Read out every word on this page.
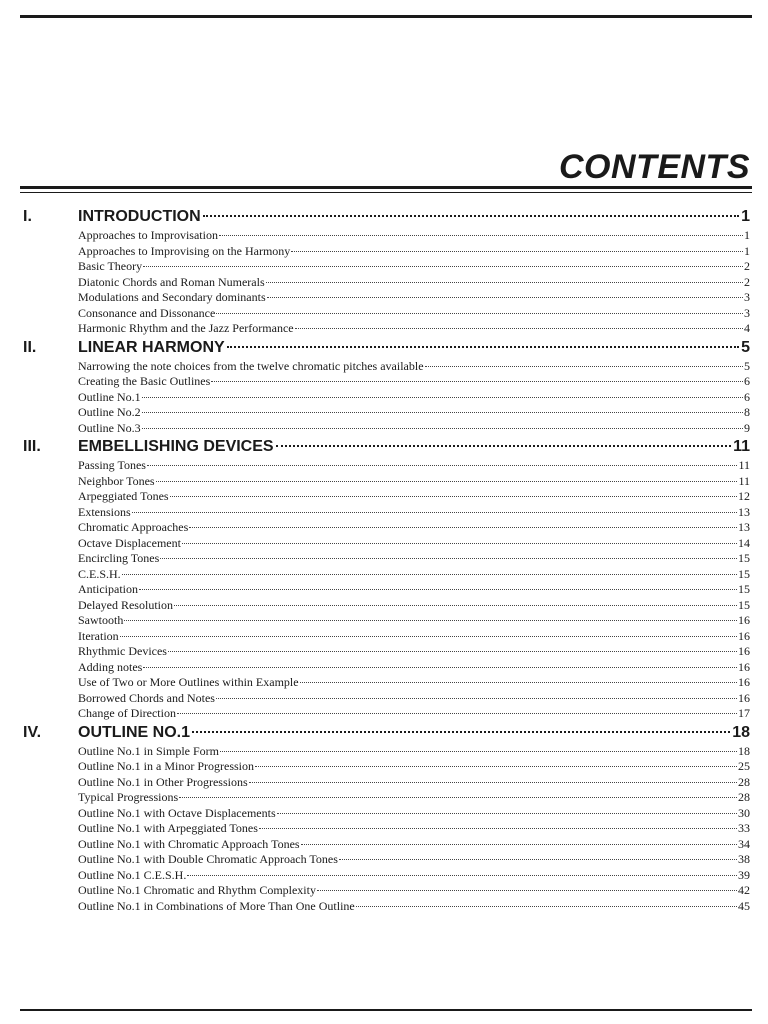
CONTENTS
I.	INTRODUCTION	1
Approaches to Improvisation	1
Approaches to Improvising on the Harmony	1
Basic Theory	2
Diatonic Chords and Roman Numerals	2
Modulations and Secondary dominants	3
Consonance and Dissonance	3
Harmonic Rhythm and the Jazz Performance	4
II.	LINEAR HARMONY	5
Narrowing the note choices from the twelve chromatic pitches available	5
Creating the Basic Outlines	6
Outline No.1	6
Outline No.2	8
Outline No.3	9
III. EMBELLISHING DEVICES	11
Passing Tones	11
Neighbor Tones	11
Arpeggiated Tones	12
Extensions	13
Chromatic Approaches	13
Octave Displacement	14
Encircling Tones	15
C.E.S.H.	15
Anticipation	15
Delayed Resolution	15
Sawtooth	16
Iteration	16
Rhythmic Devices	16
Adding notes	16
Use of Two or More Outlines within Example	16
Borrowed Chords and Notes	16
Change of Direction	17
IV. OUTLINE NO.1	18
Outline No.1 in Simple Form	18
Outline No.1 in a Minor Progression	25
Outline No.1 in Other Progressions	28
Typical Progressions	28
Outline No.1 with Octave Displacements	30
Outline No.1 with Arpeggiated Tones	33
Outline No.1 with Chromatic Approach Tones	34
Outline No.1 with Double Chromatic Approach Tones	38
Outline No.1 C.E.S.H.	39
Outline No.1 Chromatic and Rhythm Complexity	42
Outline No.1 in Combinations of More Than One Outline	45
